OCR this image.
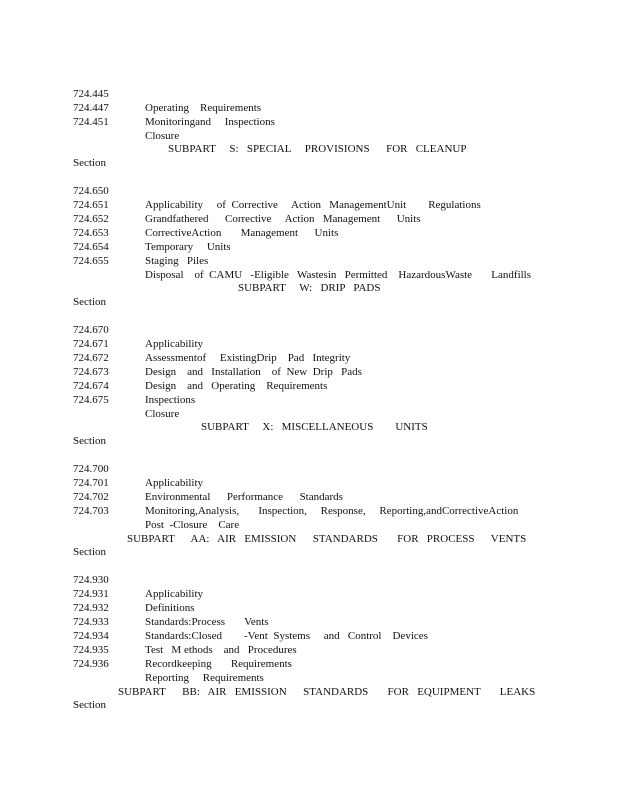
724.445

Operating    Requirements

724.447

Monitoringand     Inspections

724.451

Closure

SUBPART     S:   SPECIAL     PROVISIONS      FOR   CLEANUP

Section

724.650

Applicability     of  Corrective     Action   ManagementUnit        Regulations

724.651

Grandfathered      Corrective     Action   Management      Units

724.652

CorrectiveAction       Management      Units

724.653

Temporary     Units

724.654

Staging   Piles

724.655

Disposal    of  CAMU   -Eligible   Wastesin   Permitted    HazardousWaste       Landfills

SUBPART     W:   DRIP   PADS

Section

724.670

Applicability

724.671

Assessmentof     ExistingDrip    Pad   Integrity

724.672

Design    and   Installation    of  New  Drip   Pads

724.673

Design    and   Operating    Requirements

724.674

Inspections

724.675

Closure

SUBPART     X:   MISCELLANEOUS        UNITS

Section

724.700

Applicability

724.701

Environmental      Performance      Standards

724.702

Monitoring,Analysis,       Inspection,     Response,     Reporting,andCorrectiveAction

724.703

Post  -Closure    Care

SUBPART      AA:   AIR   EMISSION      STANDARDS       FOR   PROCESS      VENTS

Section

724.930

Applicability

724.931

Definitions

724.932

Standards:Process       Vents

724.933

Standards:Closed        -Vent  Systems     and   Control    Devices

724.934

Test   M ethods    and   Procedures

724.935

Recordkeeping       Requirements

724.936

Reporting     Requirements

SUBPART      BB:   AIR   EMISSION      STANDARDS       FOR   EQUIPMENT       LEAKS

Section
